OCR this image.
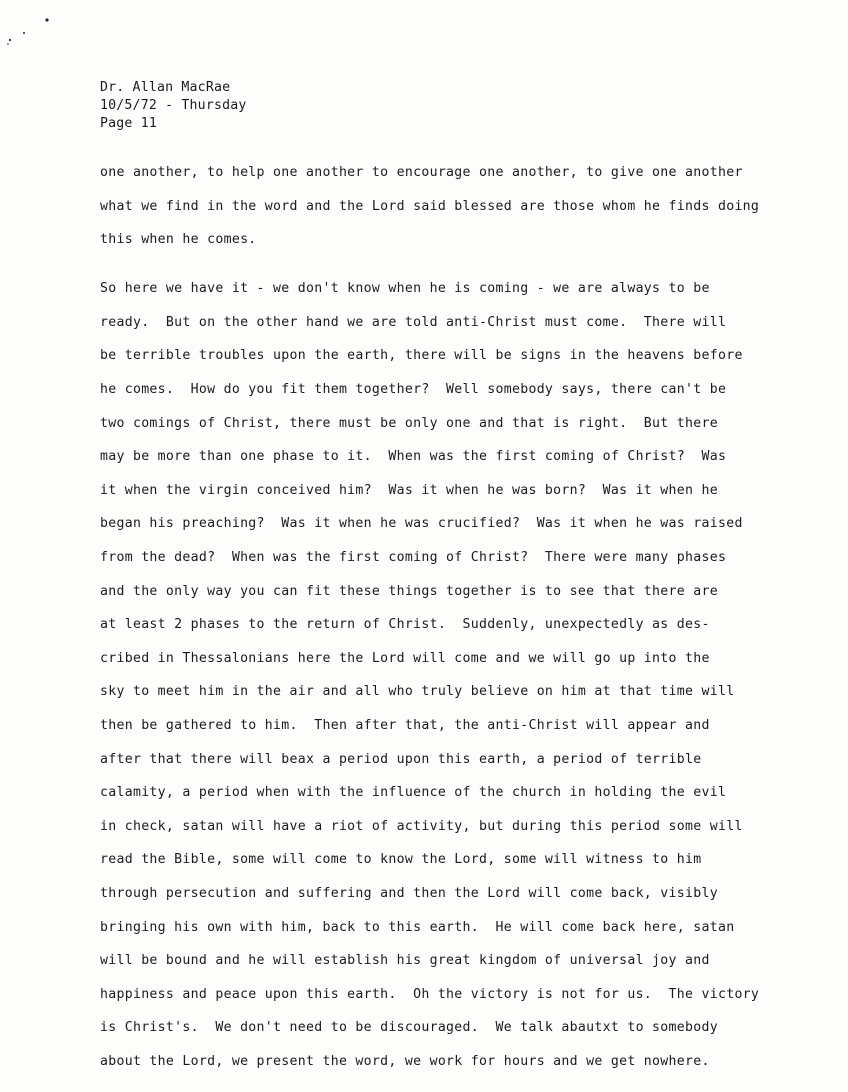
Dr. Allan MacRae
10/5/72 - Thursday
Page 11
one another, to help one another to encourage one another, to give one another
what we find in the word and the Lord said blessed are those whom he finds doing
this when he comes.
So here we have it - we don't know when he is coming - we are always to be
ready.  But on the other hand we are told anti-Christ must come.  There will
be terrible troubles upon the earth, there will be signs in the heavens before
he comes.  How do you fit them together?  Well somebody says, there can't be
two comings of Christ, there must be only one and that is right.  But there
may be more than one phase to it.  When was the first coming of Christ?  Was
it when the virgin conceived him?  Was it when he was born?  Was it when he
began his preaching?  Was it when he was crucified?  Was it when he was raised
from the dead?  When was the first coming of Christ?  There were many phases
and the only way you can fit these things together is to see that there are
at least 2 phases to the return of Christ.  Suddenly, unexpectedly as des-
cribed in Thessalonians here the Lord will come and we will go up into the
sky to meet him in the air and all who truly believe on him at that time will
then be gathered to him.  Then after that, the anti-Christ will appear and
after that there will beax a period upon this earth, a period of terrible
calamity, a period when with the influence of the church in holding the evil
in check, satan will have a riot of activity, but during this period some will
read the Bible, some will come to know the Lord, some will witness to him
through persecution and suffering and then the Lord will come back, visibly
bringing his own with him, back to this earth.  He will come back here, satan
will be bound and he will establish his great kingdom of universal joy and
happiness and peace upon this earth.  Oh the victory is not for us.  The victory
is Christ's.  We don't need to be discouraged.  We talk abautxt to somebody
about the Lord, we present the word, we work for hours and we get nowhere.
